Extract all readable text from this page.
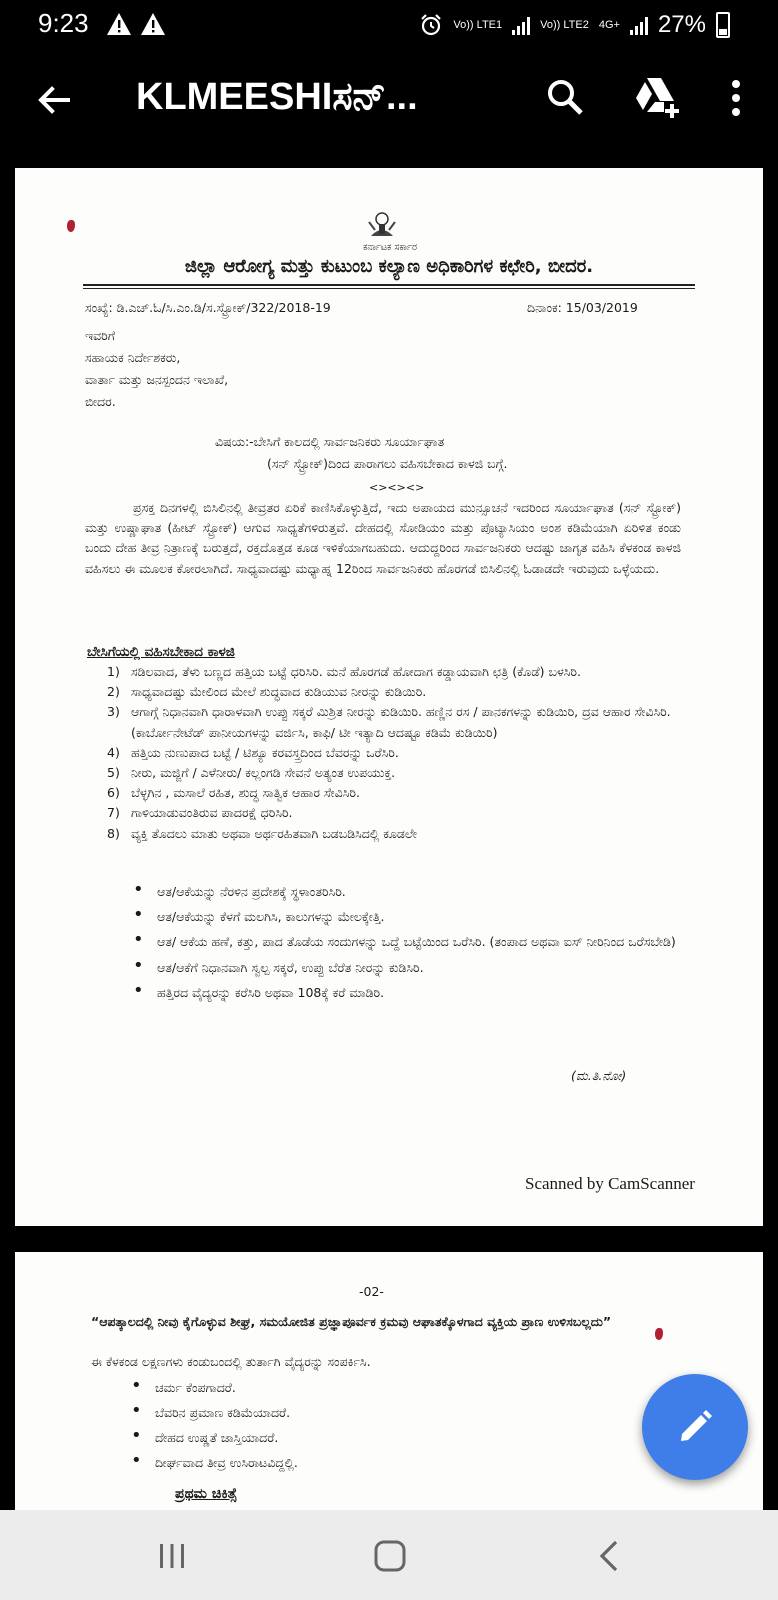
9:23	Vo)) LTE1	Vo)) LTE2 4G+ 27%
KLMEESHIಸನ್...
ಕರ್ನಾಟಕ ಸರ್ಕಾರ
ಜಿಲ್ಲಾ ಆರೋಗ್ಯ ಮತ್ತು ಕುಟುಂಬ ಕಲ್ಯಾಣ ಅಧಿಕಾರಿಗಳ ಕಛೇರಿ, ಬೀದರ.
ಸಂಖ್ಯೆ: ಡಿ.ಎಚ್.ಓ/ಸಿ.ಎಂ.ಡಿ/ಸ.ಸ್ಟ್ರೋಕ್/322/2018-19	ದಿನಾಂಕ: 15/03/2019
ಇವರಿಗೆ
ಸಹಾಯಕ ನಿರ್ದೇಶಕರು,
ವಾರ್ತಾ ಮತ್ತು ಜನಸ್ಪಂದನ ಇಲಾಖೆ,
ಬೀದರ.
ವಿಷಯ:-ಬೇಸಿಗೆ ಕಾಲದಲ್ಲಿ ಸಾರ್ವಜನಿಕರು ಸೂರ್ಯಾಘಾತ
(ಸನ್ ಸ್ಟ್ರೋಕ್)ದಿಂದ ಪಾರಾಗಲು ವಹಿಸಬೇಕಾದ ಕಾಳಜಿ ಬಗ್ಗೆ.
<><><>
ಪ್ರಸಕ್ತ ದಿನಗಳಲ್ಲಿ ಬಿಸಿಲಿನಲ್ಲಿ ತೀವ್ರತರ ಏರಿಕೆ ಕಾಣಿಸಿಕೊಳ್ಳುತ್ತಿದೆ, ಇದು ಅಪಾಯದ ಮುನ್ಸೂಚನೆ ಇದರಿಂದ ಸೂರ್ಯಾಘಾತ (ಸನ್ ಸ್ಟ್ರೋಕ್) ಮತ್ತು ಉಷ್ಣಾಘಾತ (ಹೀಟ್ ಸ್ಟ್ರೋಕ್) ಆಗುವ ಸಾಧ್ಯತೆಗಳಿರುತ್ತವೆ. ದೇಹದಲ್ಲಿ ಸೋಡಿಯಂ ಮತ್ತು ಪೊಟ್ಯಾಸಿಯಂ ಅಂಶ ಕಡಿಮೆಯಾಗಿ ಏರಿಳಿತ ಕಂಡು ಬಂದು ದೇಹ ತೀವ್ರ ನಿತ್ರಾಣಕ್ಕೆ ಬರುತ್ತದೆ, ರಕ್ತದೊತ್ತಡ ಕೂಡ ಇಳಿಕೆಯಾಗಬಹುದು. ಆದುದ್ದರಿಂದ ಸಾರ್ವಜನಿಕರು ಆದಷ್ಟು ಜಾಗೃತ ವಹಿಸಿ ಕೆಳಕಂಡ ಕಾಳಜಿ ವಹಿಸಲು ಈ ಮೂಲಕ ಕೋರಲಾಗಿದೆ. ಸಾಧ್ಯವಾದಷ್ಟು ಮಧ್ಯಾಹ್ನ 12ರಿಂದ ಸಾರ್ವಜನಿಕರು ಹೊರಗಡೆ ಬಿಸಿಲಿನಲ್ಲಿ ಓಡಾಡದೇ ಇರುವುದು ಒಳ್ಳೆಯದು.
ಬೇಸಿಗೆಯಲ್ಲಿ ವಹಿಸಬೇಕಾದ ಕಾಳಜಿ
1) ಸಡಿಲವಾದ, ತೆಳು ಬಣ್ಣದ ಹತ್ತಿಯ ಬಟ್ಟೆ ಧರಿಸಿರಿ. ಮನೆ ಹೊರಗಡೆ ಹೋದಾಗ ಕಡ್ಡಾಯವಾಗಿ ಛತ್ರಿ (ಕೊಡೆ) ಬಳಸಿರಿ.
2) ಸಾಧ್ಯವಾದಷ್ಟು ಮೇಲಿಂದ ಮೇಲೆ ಶುದ್ಧವಾದ ಕುಡಿಯುವ ನೀರನ್ನು ಕುಡಿಯಿರಿ.
3) ಆಗಾಗ್ಗೆ ನಿಧಾನವಾಗಿ ಧಾರಾಳವಾಗಿ ಉಪ್ಪು ಸಕ್ಕರೆ ಮಿಶ್ರಿತ ನೀರನ್ನು ಕುಡಿಯಿರಿ. ಹಣ್ಣಿನ ರಸ / ಪಾನಕಗಳನ್ನು ಕುಡಿಯಿರಿ, ದ್ರವ ಆಹಾರ ಸೇವಿಸಿರಿ. (ಕಾರ್ಬೋನೇಟೆಡ್ ಪಾನೀಯಗಳನ್ನು ವರ್ಜಿಸಿ, ಕಾಫಿ/ ಟೀ ಇತ್ಯಾದಿ ಆದಷ್ಟೂ ಕಡಿಮೆ ಕುಡಿಯಿರಿ)
4) ಹತ್ತಿಯ ನುಣುಪಾದ ಬಟ್ಟೆ / ಟಿಶ್ಯೂ ಕರವಸ್ತ್ರದಿಂದ ಬೆವರನ್ನು ಒರೆಸಿರಿ.
5) ನೀರು, ಮಜ್ಜಿಗೆ / ಎಳೆನೀರು/ ಕಲ್ಲಂಗಡಿ ಸೇವನೆ ಅತ್ಯಂತ ಉಪಯುಕ್ತ.
6) ಬೆಳ್ಳಗಿನ , ಮಸಾಲೆ ರಹಿತ, ಶುದ್ಧ ಸಾತ್ವಿಕ ಆಹಾರ ಸೇವಿಸಿರಿ.
7) ಗಾಳಿಯಾಡುವಂತಿರುವ ಪಾದರಕ್ಷೆ ಧರಿಸಿರಿ.
8) ವ್ಯಕ್ತಿ ತೊದಲು ಮಾತು ಅಥವಾ ಅರ್ಥರಹಿತವಾಗಿ ಬಡಬಡಿಸಿದಲ್ಲಿ ಕೂಡಲೇ
• ಆತ/ಆಕೆಯನ್ನು ನೆರಳಿನ ಪ್ರದೇಶಕ್ಕೆ ಸ್ಥಳಾಂತರಿಸಿರಿ.
• ಆತ/ಆಕೆಯನ್ನು ಕೆಳಗೆ ಮಲಗಿಸಿ, ಕಾಲುಗಳನ್ನು ಮೇಲಕ್ಕೇತ್ತಿ.
• ಆತ/ ಆಕೆಯ ಹಣೆ, ಕತ್ತು, ಪಾದ ತೊಡೆಯ ಸಂದುಗಳನ್ನು ಒದ್ದೆ ಬಟ್ಟೆಯಿಂದ ಒರೆಸಿರಿ. (ತಂಪಾದ ಅಥವಾ ಐಸ್ ನೀರಿನಿಂದ ಒರೆಸಬೇಡಿ)
• ಆತ/ಆಕೆಗೆ ನಿಧಾನವಾಗಿ ಸ್ವಲ್ಪ ಸಕ್ಕರೆ, ಉಪ್ಪು ಬೆರೆತ ನೀರನ್ನು ಕುಡಿಸಿರಿ.
• ಹತ್ತಿರದ ವೈದ್ಯರನ್ನು ಕರೆಸಿರಿ ಅಥವಾ 108ಕ್ಕೆ ಕರೆ ಮಾಡಿರಿ.
(ಮ.ತಿ.ನೋ)
Scanned by CamScanner
-02-
“ಆಪತ್ಕಾಲದಲ್ಲಿ ನೀವು ಕೈಗೊಳ್ಳುವ ಶೀಘ್ರ, ಸಮಯೋಜಿತ ಪ್ರಜ್ಞಾಪೂರ್ವಕ ಕ್ರಮವು ಆಘಾತಕ್ಕೊಳಗಾದ ವ್ಯಕ್ತಿಯ ಪ್ರಾಣ ಉಳಿಸಬಲ್ಲದು”
ಈ ಕೆಳಕಂಡ ಲಕ್ಷಣಗಳು ಕಂಡುಬಂದಲ್ಲಿ ತುರ್ತಾಗಿ ವೈದ್ಯರನ್ನು ಸಂಪರ್ಕಿಸಿ.
• ಚರ್ಮ ಕೆಂಪಗಾದರೆ.
• ಬೆವರಿನ ಪ್ರಮಾಣ ಕಡಿಮೆಯಾದರೆ.
• ದೇಹದ ಉಷ್ಣತೆ ಜಾಸ್ತಿಯಾದರೆ.
• ದೀರ್ಘವಾದ ತೀವ್ರ ಉಸಿರಾಟವಿದ್ದಲ್ಲಿ.
ಪ್ರಥಮ ಚಿಕಿತ್ಸೆ
